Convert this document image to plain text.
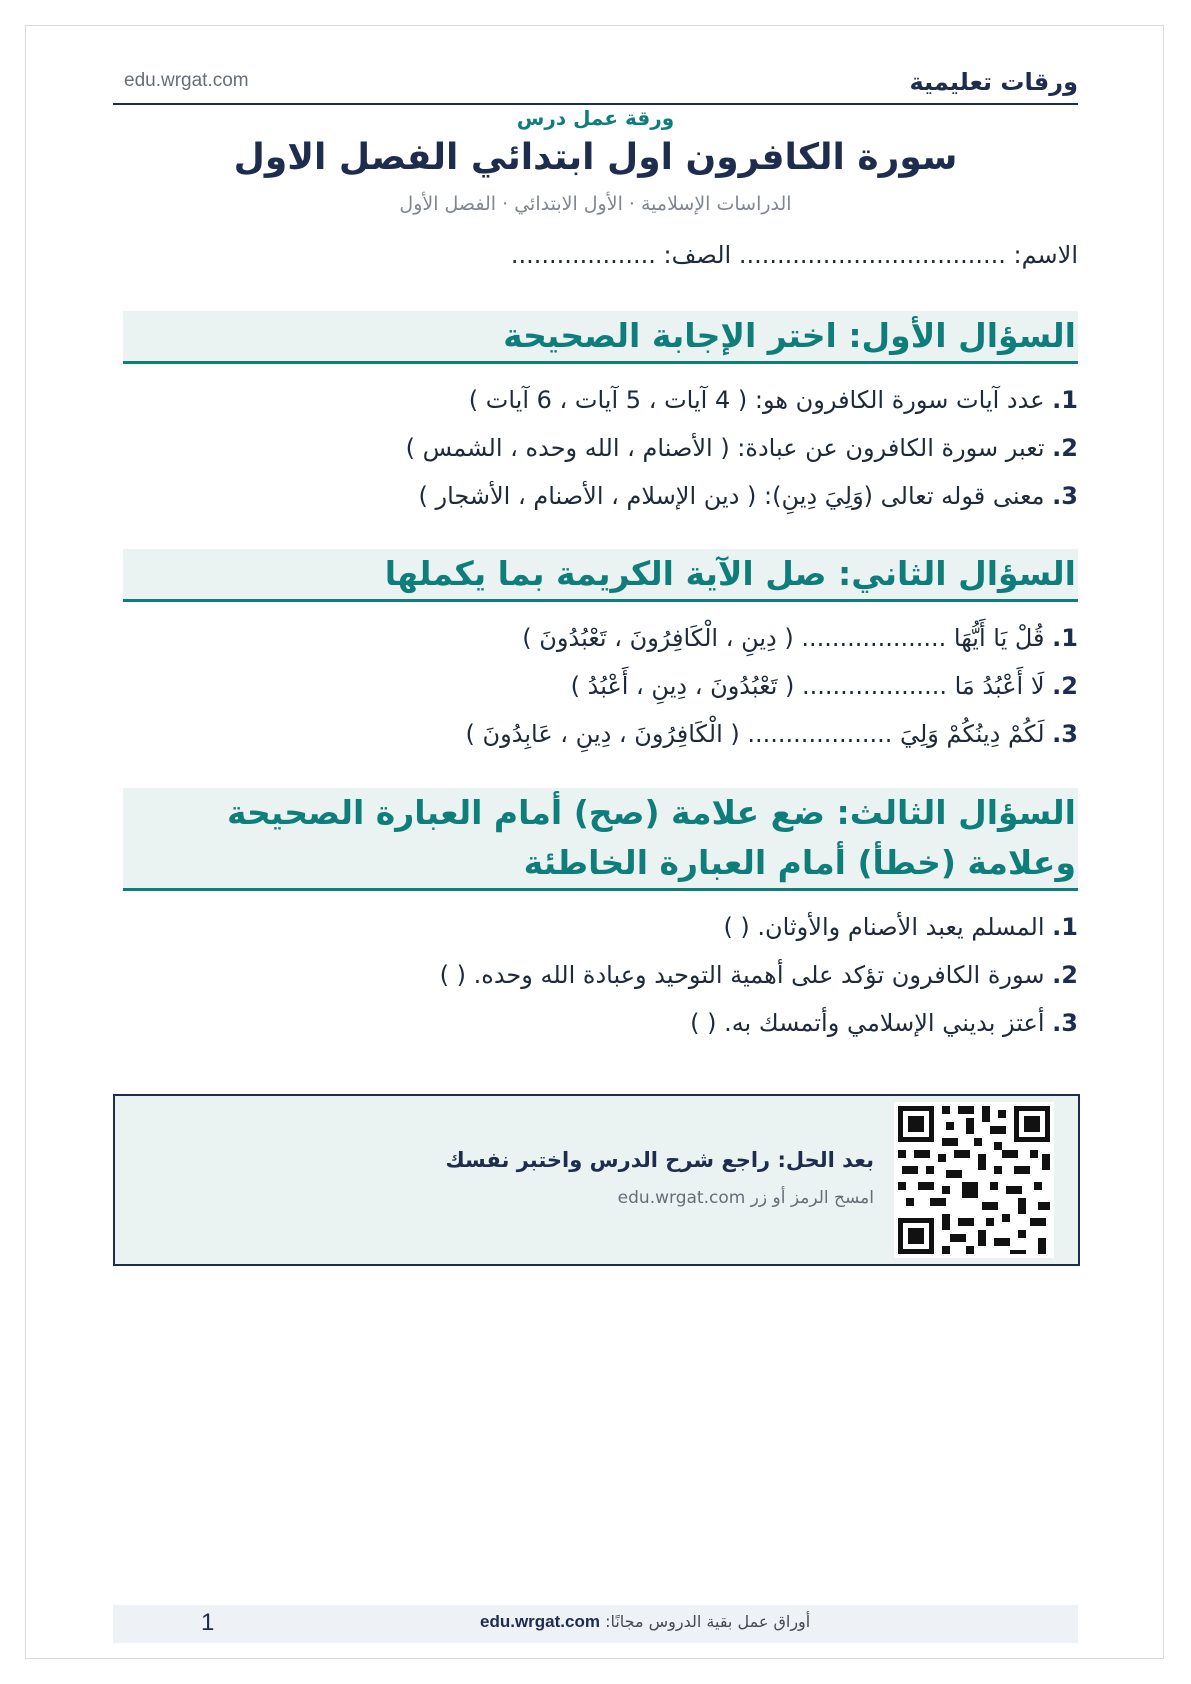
ورقات تعليمية
edu.wrgat.com
ورقة عمل درس
سورة الكافرون اول ابتدائي الفصل الاول
الدراسات الإسلامية · الأول الابتدائي · الفصل الأول
الاسم: ................................... الصف: ...................
السؤال الأول: اختر الإجابة الصحيحة
1. عدد آيات سورة الكافرون هو: ( 4 آيات ، 5 آيات ، 6 آيات )
2. تعبر سورة الكافرون عن عبادة: ( الأصنام ، الله وحده ، الشمس )
3. معنى قوله تعالى (وَلِيَ دِينِ): ( دين الإسلام ، الأصنام ، الأشجار )
السؤال الثاني: صل الآية الكريمة بما يكملها
1. قُلْ يَا أَيُّهَا ................... ( دِينِ ، الْكَافِرُونَ ، تَعْبُدُونَ )
2. لَا أَعْبُدُ مَا ................... ( تَعْبُدُونَ ، دِينِ ، أَعْبُدُ )
3. لَكُمْ دِينُكُمْ وَلِيَ ................... ( الْكَافِرُونَ ، دِينِ ، عَابِدُونَ )
السؤال الثالث: ضع علامة (صح) أمام العبارة الصحيحة وعلامة (خطأ) أمام العبارة الخاطئة
1. المسلم يعبد الأصنام والأوثان. ( )
2. سورة الكافرون تؤكد على أهمية التوحيد وعبادة الله وحده. ( )
3. أعتز بديني الإسلامي وأتمسك به. ( )
بعد الحل: راجع شرح الدرس واختبر نفسك
امسح الرمز أو زر edu.wrgat.com
1	أوراق عمل بقية الدروس مجانًا: edu.wrgat.com
